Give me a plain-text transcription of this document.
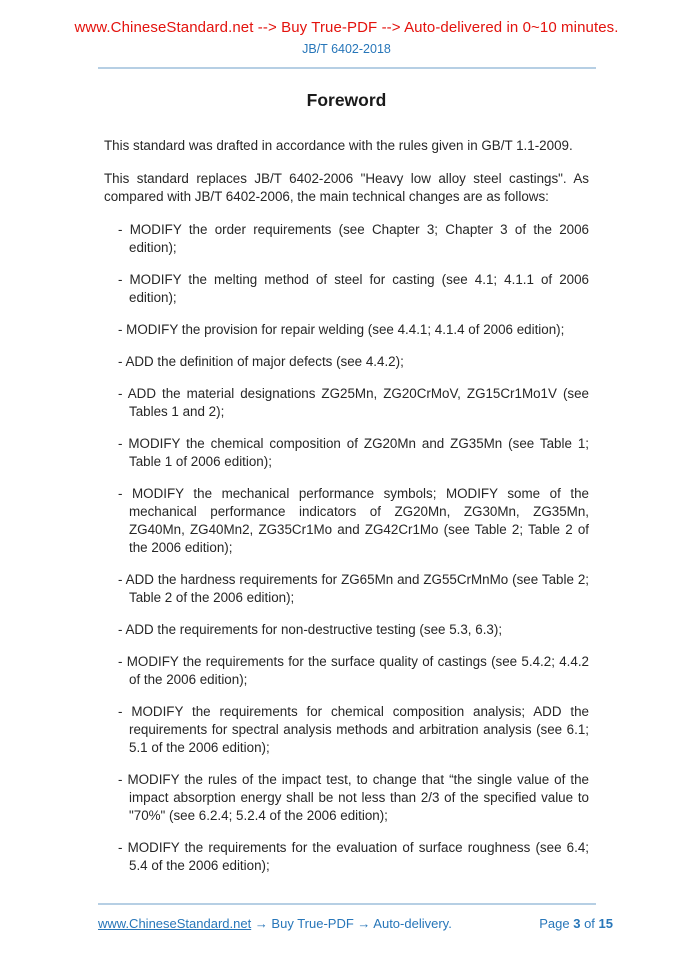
www.ChineseStandard.net --> Buy True-PDF --> Auto-delivered in 0~10 minutes.
JB/T 6402-2018
Foreword

This standard was drafted in accordance with the rules given in GB/T 1.1-2009.

This standard replaces JB/T 6402-2006 "Heavy low alloy steel castings". As compared with JB/T 6402-2006, the main technical changes are as follows:

- MODIFY the order requirements (see Chapter 3; Chapter 3 of the 2006 edition);
- MODIFY the melting method of steel for casting (see 4.1; 4.1.1 of 2006 edition);
- MODIFY the provision for repair welding (see 4.4.1; 4.1.4 of 2006 edition);
- ADD the definition of major defects (see 4.4.2);
- ADD the material designations ZG25Mn, ZG20CrMoV, ZG15Cr1Mo1V (see Tables 1 and 2);
- MODIFY the chemical composition of ZG20Mn and ZG35Mn (see Table 1; Table 1 of 2006 edition);
- MODIFY the mechanical performance symbols; MODIFY some of the mechanical performance indicators of ZG20Mn, ZG30Mn, ZG35Mn, ZG40Mn, ZG40Mn2, ZG35Cr1Mo and ZG42Cr1Mo (see Table 2; Table 2 of the 2006 edition);
- ADD the hardness requirements for ZG65Mn and ZG55CrMnMo (see Table 2; Table 2 of the 2006 edition);
- ADD the requirements for non-destructive testing (see 5.3, 6.3);
- MODIFY the requirements for the surface quality of castings (see 5.4.2; 4.4.2 of the 2006 edition);
- MODIFY the requirements for chemical composition analysis; ADD the requirements for spectral analysis methods and arbitration analysis (see 6.1; 5.1 of the 2006 edition);
- MODIFY the rules of the impact test, to change that “the single value of the impact absorption energy shall be not less than 2/3 of the specified value to "70%" (see 6.2.4; 5.2.4 of the 2006 edition);
- MODIFY the requirements for the evaluation of surface roughness (see 6.4; 5.4 of the 2006 edition);
www.ChineseStandard.net → Buy True-PDF → Auto-delivery.	Page 3 of 15
